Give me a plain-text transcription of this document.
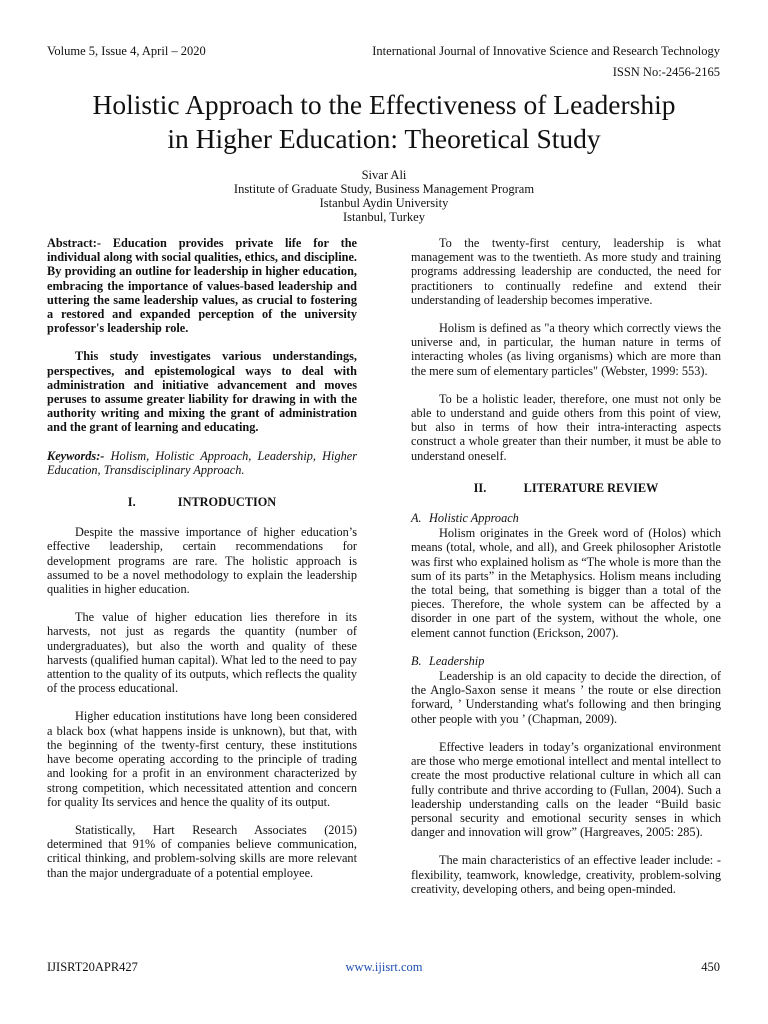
Volume 5, Issue 4, April – 2020	International Journal of Innovative Science and Research Technology
ISSN No:-2456-2165
Holistic Approach to the Effectiveness of Leadership
in Higher Education: Theoretical Study
Sivar Ali
Institute of Graduate Study, Business Management Program
Istanbul Aydin University
Istanbul, Turkey

Abstract:- Education provides private life for the individual along with social qualities, ethics, and discipline. By providing an outline for leadership in higher education, embracing the importance of values-based leadership and uttering the same leadership values, as crucial to fostering a restored and expanded perception of the university professor's leadership role.

This study investigates various understandings, perspectives, and epistemological ways to deal with administration and initiative advancement and moves peruses to assume greater liability for drawing in with the authority writing and mixing the grant of administration and the grant of learning and educating.

Keywords:- Holism, Holistic Approach, Leadership, Higher Education, Transdisciplinary Approach.

I.	INTRODUCTION

Despite the massive importance of higher education’s effective leadership, certain recommendations for development programs are rare. The holistic approach is assumed to be a novel methodology to explain the leadership qualities in higher education.

The value of higher education lies therefore in its harvests, not just as regards the quantity (number of undergraduates), but also the worth and quality of these harvests (qualified human capital). What led to the need to pay attention to the quality of its outputs, which reflects the quality of the process educational.

Higher education institutions have long been considered a black box (what happens inside is unknown), but that, with the beginning of the twenty-first century, these institutions have become operating according to the principle of trading and looking for a profit in an environment characterized by strong competition, which necessitated attention and concern for quality Its services and hence the quality of its output.

Statistically, Hart Research Associates (2015) determined that 91% of companies believe communication, critical thinking, and problem-solving skills are more relevant than the major undergraduate of a potential employee.

To the twenty-first century, leadership is what management was to the twentieth. As more study and training programs addressing leadership are conducted, the need for practitioners to continually redefine and extend their understanding of leadership becomes imperative.

Holism is defined as "a theory which correctly views the universe and, in particular, the human nature in terms of interacting wholes (as living organisms) which are more than the mere sum of elementary particles" (Webster, 1999: 553).

To be a holistic leader, therefore, one must not only be able to understand and guide others from this point of view, but also in terms of how their intra-interacting aspects construct a whole greater than their number, it must be able to understand oneself.

II.	LITERATURE REVIEW
A. Holistic Approach

Holism originates in the Greek word of (Holos) which means (total, whole, and all), and Greek philosopher Aristotle was first who explained holism as “The whole is more than the sum of its parts” in the Metaphysics. Holism means including the total being, that something is bigger than a total of the pieces. Therefore, the whole system can be affected by a disorder in one part of the system, without the whole, one element cannot function (Erickson, 2007).

B. Leadership

Leadership is an old capacity to decide the direction, of the Anglo-Saxon sense it means ’ the route or else direction forward, ’ Understanding what's following and then bringing other people with you ’ (Chapman, 2009).

Effective leaders in today’s organizational environment are those who merge emotional intellect and mental intellect to create the most productive relational culture in which all can fully contribute and thrive according to (Fullan, 2004). Such a leadership understanding calls on the leader “Build basic personal security and emotional security senses in which danger and innovation will grow” (Hargreaves, 2005: 285).

The main characteristics of an effective leader include: - flexibility, teamwork, knowledge, creativity, problem-solving creativity, developing others, and being open-minded.

IJISRT20APR427	www.ijisrt.com	450
